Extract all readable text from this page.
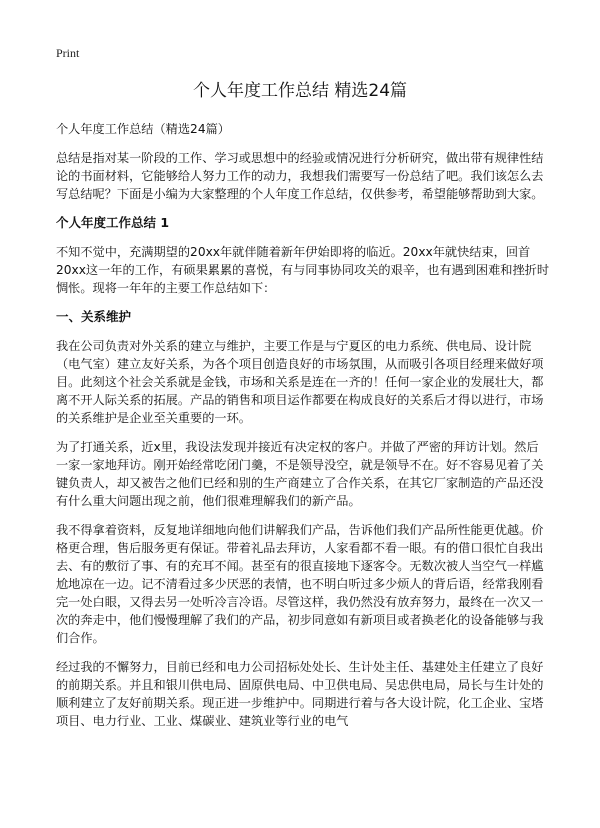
Print
个人年度工作总结 精选24篇

个人年度工作总结（精选24篇）

总结是指对某一阶段的工作、学习或思想中的经验或情况进行分析研究，做出带有规律性结论的书面材料，它能够给人努力工作的动力，我想我们需要写一份总结了吧。我们该怎么去写总结呢？下面是小编为大家整理的个人年度工作总结，仅供参考，希望能够帮助到大家。

个人年度工作总结 1

不知不觉中，充满期望的20xx年就伴随着新年伊始即将的临近。20xx年就快结束，回首20xx这一年的工作，有硕果累累的喜悦，有与同事协同攻关的艰辛，也有遇到困难和挫折时惆怅。现将一年年的主要工作总结如下：

一、关系维护

我在公司负责对外关系的建立与维护，主要工作是与宁夏区的电力系统、供电局、设计院（电气室）建立友好关系，为各个项目创造良好的市场氛围，从而吸引各项目经理来做好项目。此刻这个社会关系就是金钱，市场和关系是连在一齐的！任何一家企业的发展壮大，都离不开人际关系的拓展。产品的销售和项目运作都要在构成良好的关系后才得以进行，市场的关系维护是企业至关重要的一环。

为了打通关系，近x里，我设法发现并接近有决定权的客户。并做了严密的拜访计划。然后一家一家地拜访。刚开始经常吃闭门羹，不是领导没空，就是领导不在。好不容易见着了关键负责人，却又被告之他们已经和别的生产商建立了合作关系，在其它厂家制造的产品还没有什么重大问题出现之前，他们很难理解我们的新产品。

我不得拿着资料，反复地详细地向他们讲解我们产品，告诉他们我们产品所性能更优越。价格更合理，售后服务更有保证。带着礼品去拜访，人家看都不看一眼。有的借口很忙自我出去、有的敷衍了事、有的充耳不闻。甚至有的很直接地下逐客令。无数次被人当空气一样尴尬地凉在一边。记不清看过多少厌恶的表情，也不明白听过多少烦人的背后语，经常我刚看完一处白眼，又得去另一处听冷言冷语。尽管这样，我仍然没有放弃努力，最终在一次又一次的奔走中，他们慢慢理解了我们的产品，初步同意如有新项目或者换老化的设备能够与我们合作。

经过我的不懈努力，目前已经和电力公司招标处处长、生计处主任、基建处主任建立了良好的前期关系。并且和银川供电局、固原供电局、中卫供电局、吴忠供电局，局长与生计处的顺利建立了友好前期关系。现正进一步维护中。同期进行着与各大设计院，化工企业、宝塔项目、电力行业、工业、煤碳业、建筑业等行业的电气
